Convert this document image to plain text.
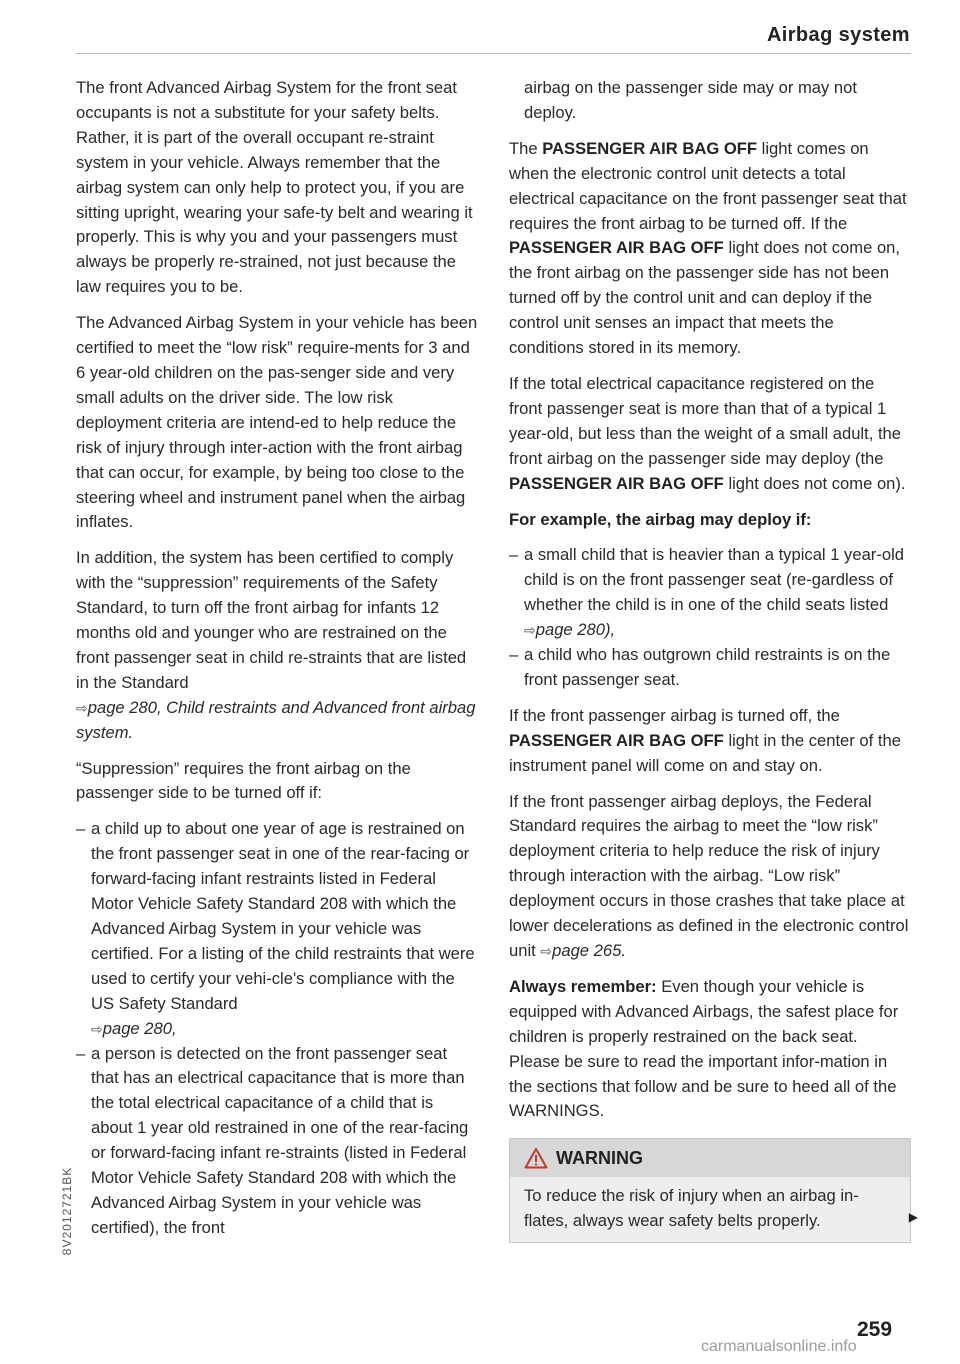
Airbag system

The front Advanced Airbag System for the front seat occupants is not a substitute for your safety belts. Rather, it is part of the overall occupant re-straint system in your vehicle. Always remember that the airbag system can only help to protect you, if you are sitting upright, wearing your safe-ty belt and wearing it properly. This is why you and your passengers must always be properly re-strained, not just because the law requires you to be.

The Advanced Airbag System in your vehicle has been certified to meet the “low risk” require-ments for 3 and 6 year-old children on the pas-senger side and very small adults on the driver side. The low risk deployment criteria are intend-ed to help reduce the risk of injury through inter-action with the front airbag that can occur, for example, by being too close to the steering wheel and instrument panel when the airbag inflates.

In addition, the system has been certified to comply with the “suppression” requirements of the Safety Standard, to turn off the front airbag for infants 12 months old and younger who are restrained on the front passenger seat in child re-straints that are listed in the Standard
⇨page 280, Child restraints and Advanced front airbag system.

“Suppression” requires the front airbag on the passenger side to be turned off if:

– a child up to about one year of age is restrained on the front passenger seat in one of the rear-facing or forward-facing infant restraints listed in Federal Motor Vehicle Safety Standard 208 with which the Advanced Airbag System in your vehicle was certified. For a listing of the child restraints that were used to certify your vehi-cle's compliance with the US Safety Standard
⇨page 280,
– a person is detected on the front passenger seat that has an electrical capacitance that is more than the total electrical capacitance of a child that is about 1 year old restrained in one of the rear-facing or forward-facing infant re-straints (listed in Federal Motor Vehicle Safety Standard 208 with which the Advanced Airbag System in your vehicle was certified), the front

airbag on the passenger side may or may not deploy.

The PASSENGER AIR BAG OFF light comes on when the electronic control unit detects a total electrical capacitance on the front passenger seat that requires the front airbag to be turned off. If the PASSENGER AIR BAG OFF light does not come on, the front airbag on the passenger side has not been turned off by the control unit and can deploy if the control unit senses an impact that meets the conditions stored in its memory.

If the total electrical capacitance registered on the front passenger seat is more than that of a typical 1 year-old, but less than the weight of a small adult, the front airbag on the passenger side may deploy (the PASSENGER AIR BAG OFF light does not come on).

For example, the airbag may deploy if:

– a small child that is heavier than a typical 1 year-old child is on the front passenger seat (re-gardless of whether the child is in one of the child seats listed ⇨page 280),
– a child who has outgrown child restraints is on the front passenger seat.

If the front passenger airbag is turned off, the PASSENGER AIR BAG OFF light in the center of the instrument panel will come on and stay on.

If the front passenger airbag deploys, the Federal Standard requires the airbag to meet the “low risk” deployment criteria to help reduce the risk of injury through interaction with the airbag. “Low risk” deployment occurs in those crashes that take place at lower decelerations as defined in the electronic control unit ⇨page 265.

Always remember: Even though your vehicle is equipped with Advanced Airbags, the safest place for children is properly restrained on the back seat. Please be sure to read the important infor-mation in the sections that follow and be sure to heed all of the WARNINGS.

WARNING
To reduce the risk of injury when an airbag in-flates, always wear safety belts properly.	▶
8V2012721BK
259
carmanualsonline.info
